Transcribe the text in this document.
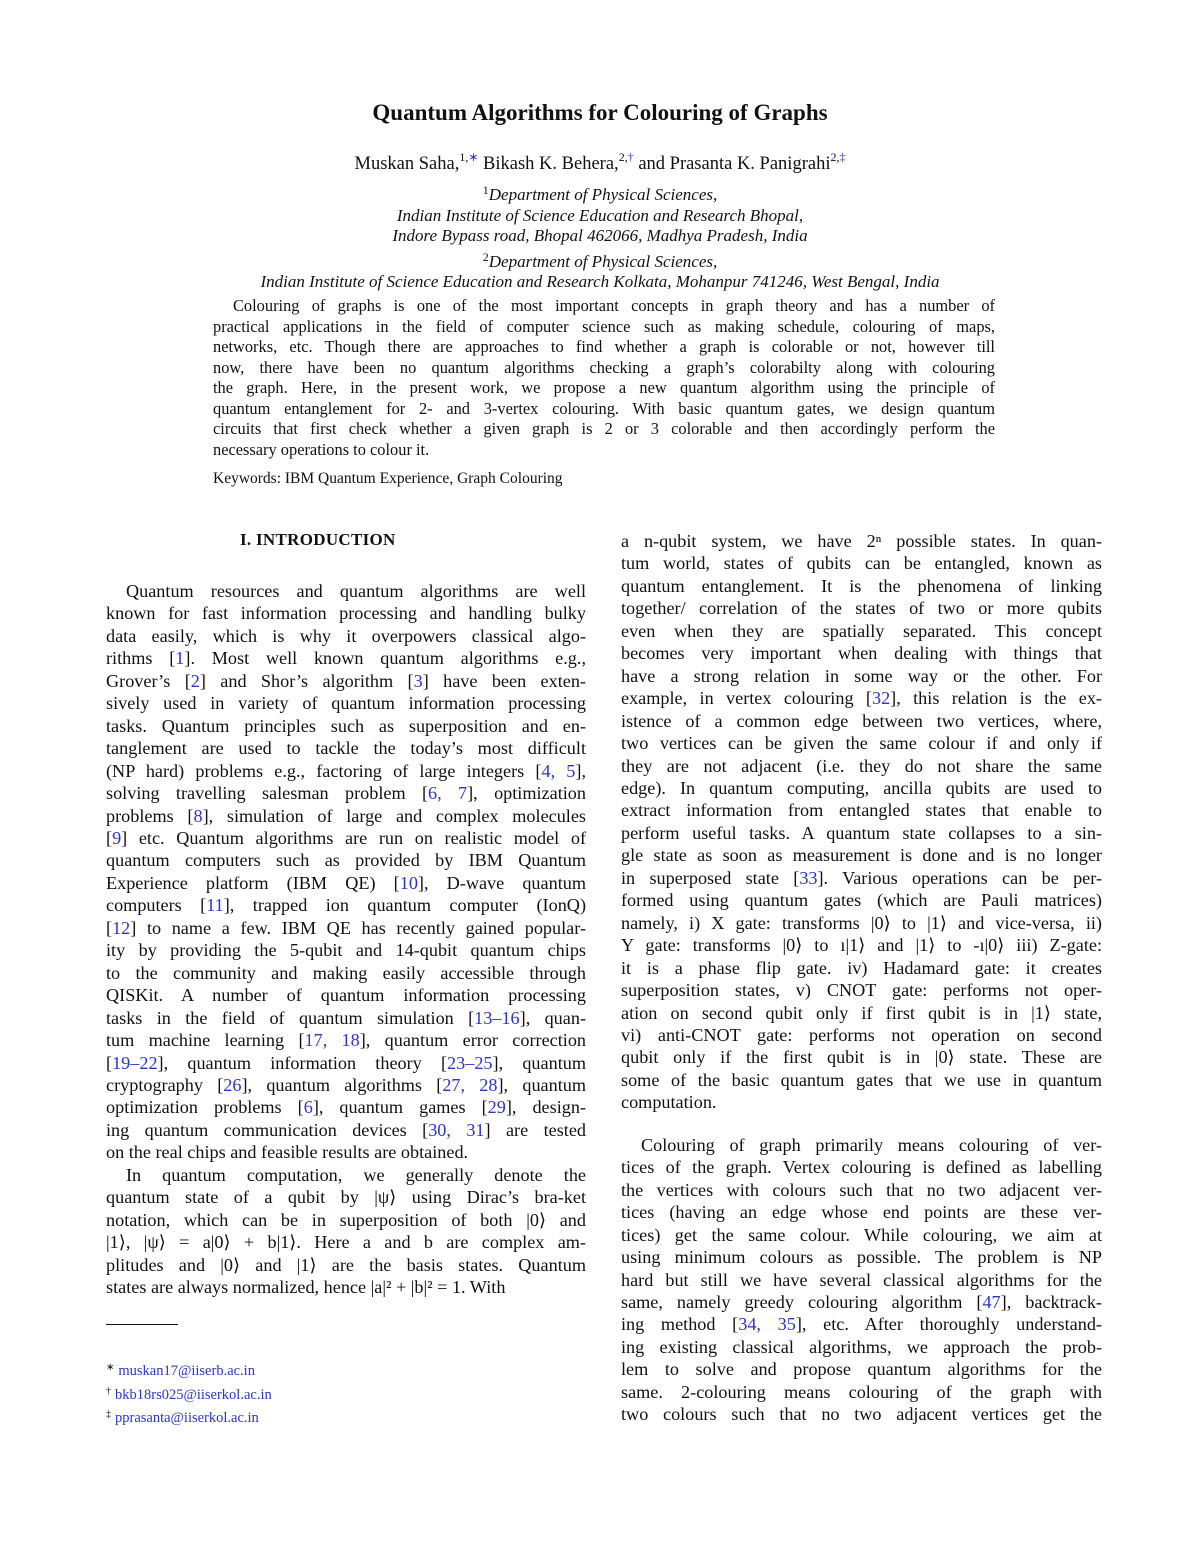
Quantum Algorithms for Colouring of Graphs
Muskan Saha,$^{1,∗}$ Bikash K. Behera,$^{2,\dagger}$ and Prasanta K. Panigrahi$^{2,\ddagger}$
$^1$Department of Physical Sciences,
Indian Institute of Science Education and Research Bhopal,
Indore Bypass road, Bhopal 462066, Madhya Pradesh, India
$^2$Department of Physical Sciences,
Indian Institute of Science Education and Research Kolkata, Mohanpur 741246, West Bengal, India
Colouring of graphs is one of the most important concepts in graph theory and has a number of
practical applications in the field of computer science such as making schedule, colouring of maps,
networks, etc. Though there are approaches to find whether a graph is colorable or not, however till
now, there have been no quantum algorithms checking a graph’s colorabilty along with colouring
the graph. Here, in the present work, we propose a new quantum algorithm using the principle of
quantum entanglement for 2- and 3-vertex colouring. With basic quantum gates, we design quantum
circuits that first check whether a given graph is 2 or 3 colorable and then accordingly perform the
necessary operations to colour it.
Keywords: IBM Quantum Experience, Graph Colouring
I. INTRODUCTION
Quantum resources and quantum algorithms are well
known for fast information processing and handling bulky
data easily, which is why it overpowers classical algo-
rithms [1]. Most well known quantum algorithms e.g.,
Grover’s [2] and Shor’s algorithm [3] have been exten-
sively used in variety of quantum information processing
tasks. Quantum principles such as superposition and en-
tanglement are used to tackle the today’s most difficult
(NP hard) problems e.g., factoring of large integers [4, 5],
solving travelling salesman problem [6, 7], optimization
problems [8], simulation of large and complex molecules
[9] etc. Quantum algorithms are run on realistic model of
quantum computers such as provided by IBM Quantum
Experience platform (IBM QE) [10], D-wave quantum
computers [11], trapped ion quantum computer (IonQ)
[12] to name a few. IBM QE has recently gained popular-
ity by providing the 5-qubit and 14-qubit quantum chips
to the community and making easily accessible through
QISKit. A number of quantum information processing
tasks in the field of quantum simulation [13–16], quan-
tum machine learning [17, 18], quantum error correction
[19–22], quantum information theory [23–25], quantum
cryptography [26], quantum algorithms [27, 28], quantum
optimization problems [6], quantum games [29], design-
ing quantum communication devices [30, 31] are tested
on the real chips and feasible results are obtained.
In quantum computation, we generally denote the
quantum state of a qubit by |ψ⟩ using Dirac’s bra-ket
notation, which can be in superposition of both |0⟩ and
|1⟩, |ψ⟩ = a|0⟩ + b|1⟩. Here a and b are complex am-
plitudes and |0⟩ and |1⟩ are the basis states. Quantum
states are always normalized, hence |a|² + |b|² = 1. With
a n-qubit system, we have 2ⁿ possible states. In quan-
tum world, states of qubits can be entangled, known as
quantum entanglement. It is the phenomena of linking
together/ correlation of the states of two or more qubits
even when they are spatially separated. This concept
becomes very important when dealing with things that
have a strong relation in some way or the other. For
example, in vertex colouring [32], this relation is the ex-
istence of a common edge between two vertices, where,
two vertices can be given the same colour if and only if
they are not adjacent (i.e. they do not share the same
edge). In quantum computing, ancilla qubits are used to
extract information from entangled states that enable to
perform useful tasks. A quantum state collapses to a sin-
gle state as soon as measurement is done and is no longer
in superposed state [33]. Various operations can be per-
formed using quantum gates (which are Pauli matrices)
namely, i) X gate: transforms |0⟩ to |1⟩ and vice-versa, ii)
Y gate: transforms |0⟩ to ı|1⟩ and |1⟩ to -ı|0⟩ iii) Z-gate:
it is a phase flip gate. iv) Hadamard gate: it creates
superposition states, v) CNOT gate: performs not oper-
ation on second qubit only if first qubit is in |1⟩ state,
vi) anti-CNOT gate: performs not operation on second
qubit only if the first qubit is in |0⟩ state. These are
some of the basic quantum gates that we use in quantum
computation.
Colouring of graph primarily means colouring of ver-
tices of the graph. Vertex colouring is defined as labelling
the vertices with colours such that no two adjacent ver-
tices (having an edge whose end points are these ver-
tices) get the same colour. While colouring, we aim at
using minimum colours as possible. The problem is NP
hard but still we have several classical algorithms for the
same, namely greedy colouring algorithm [47], backtrack-
ing method [34, 35], etc. After thoroughly understand-
ing existing classical algorithms, we approach the prob-
lem to solve and propose quantum algorithms for the
same. 2-colouring means colouring of the graph with
two colours such that no two adjacent vertices get the
∗ muskan17@iiserb.ac.in
† bkb18rs025@iiserkol.ac.in
‡ pprasanta@iiserkol.ac.in
